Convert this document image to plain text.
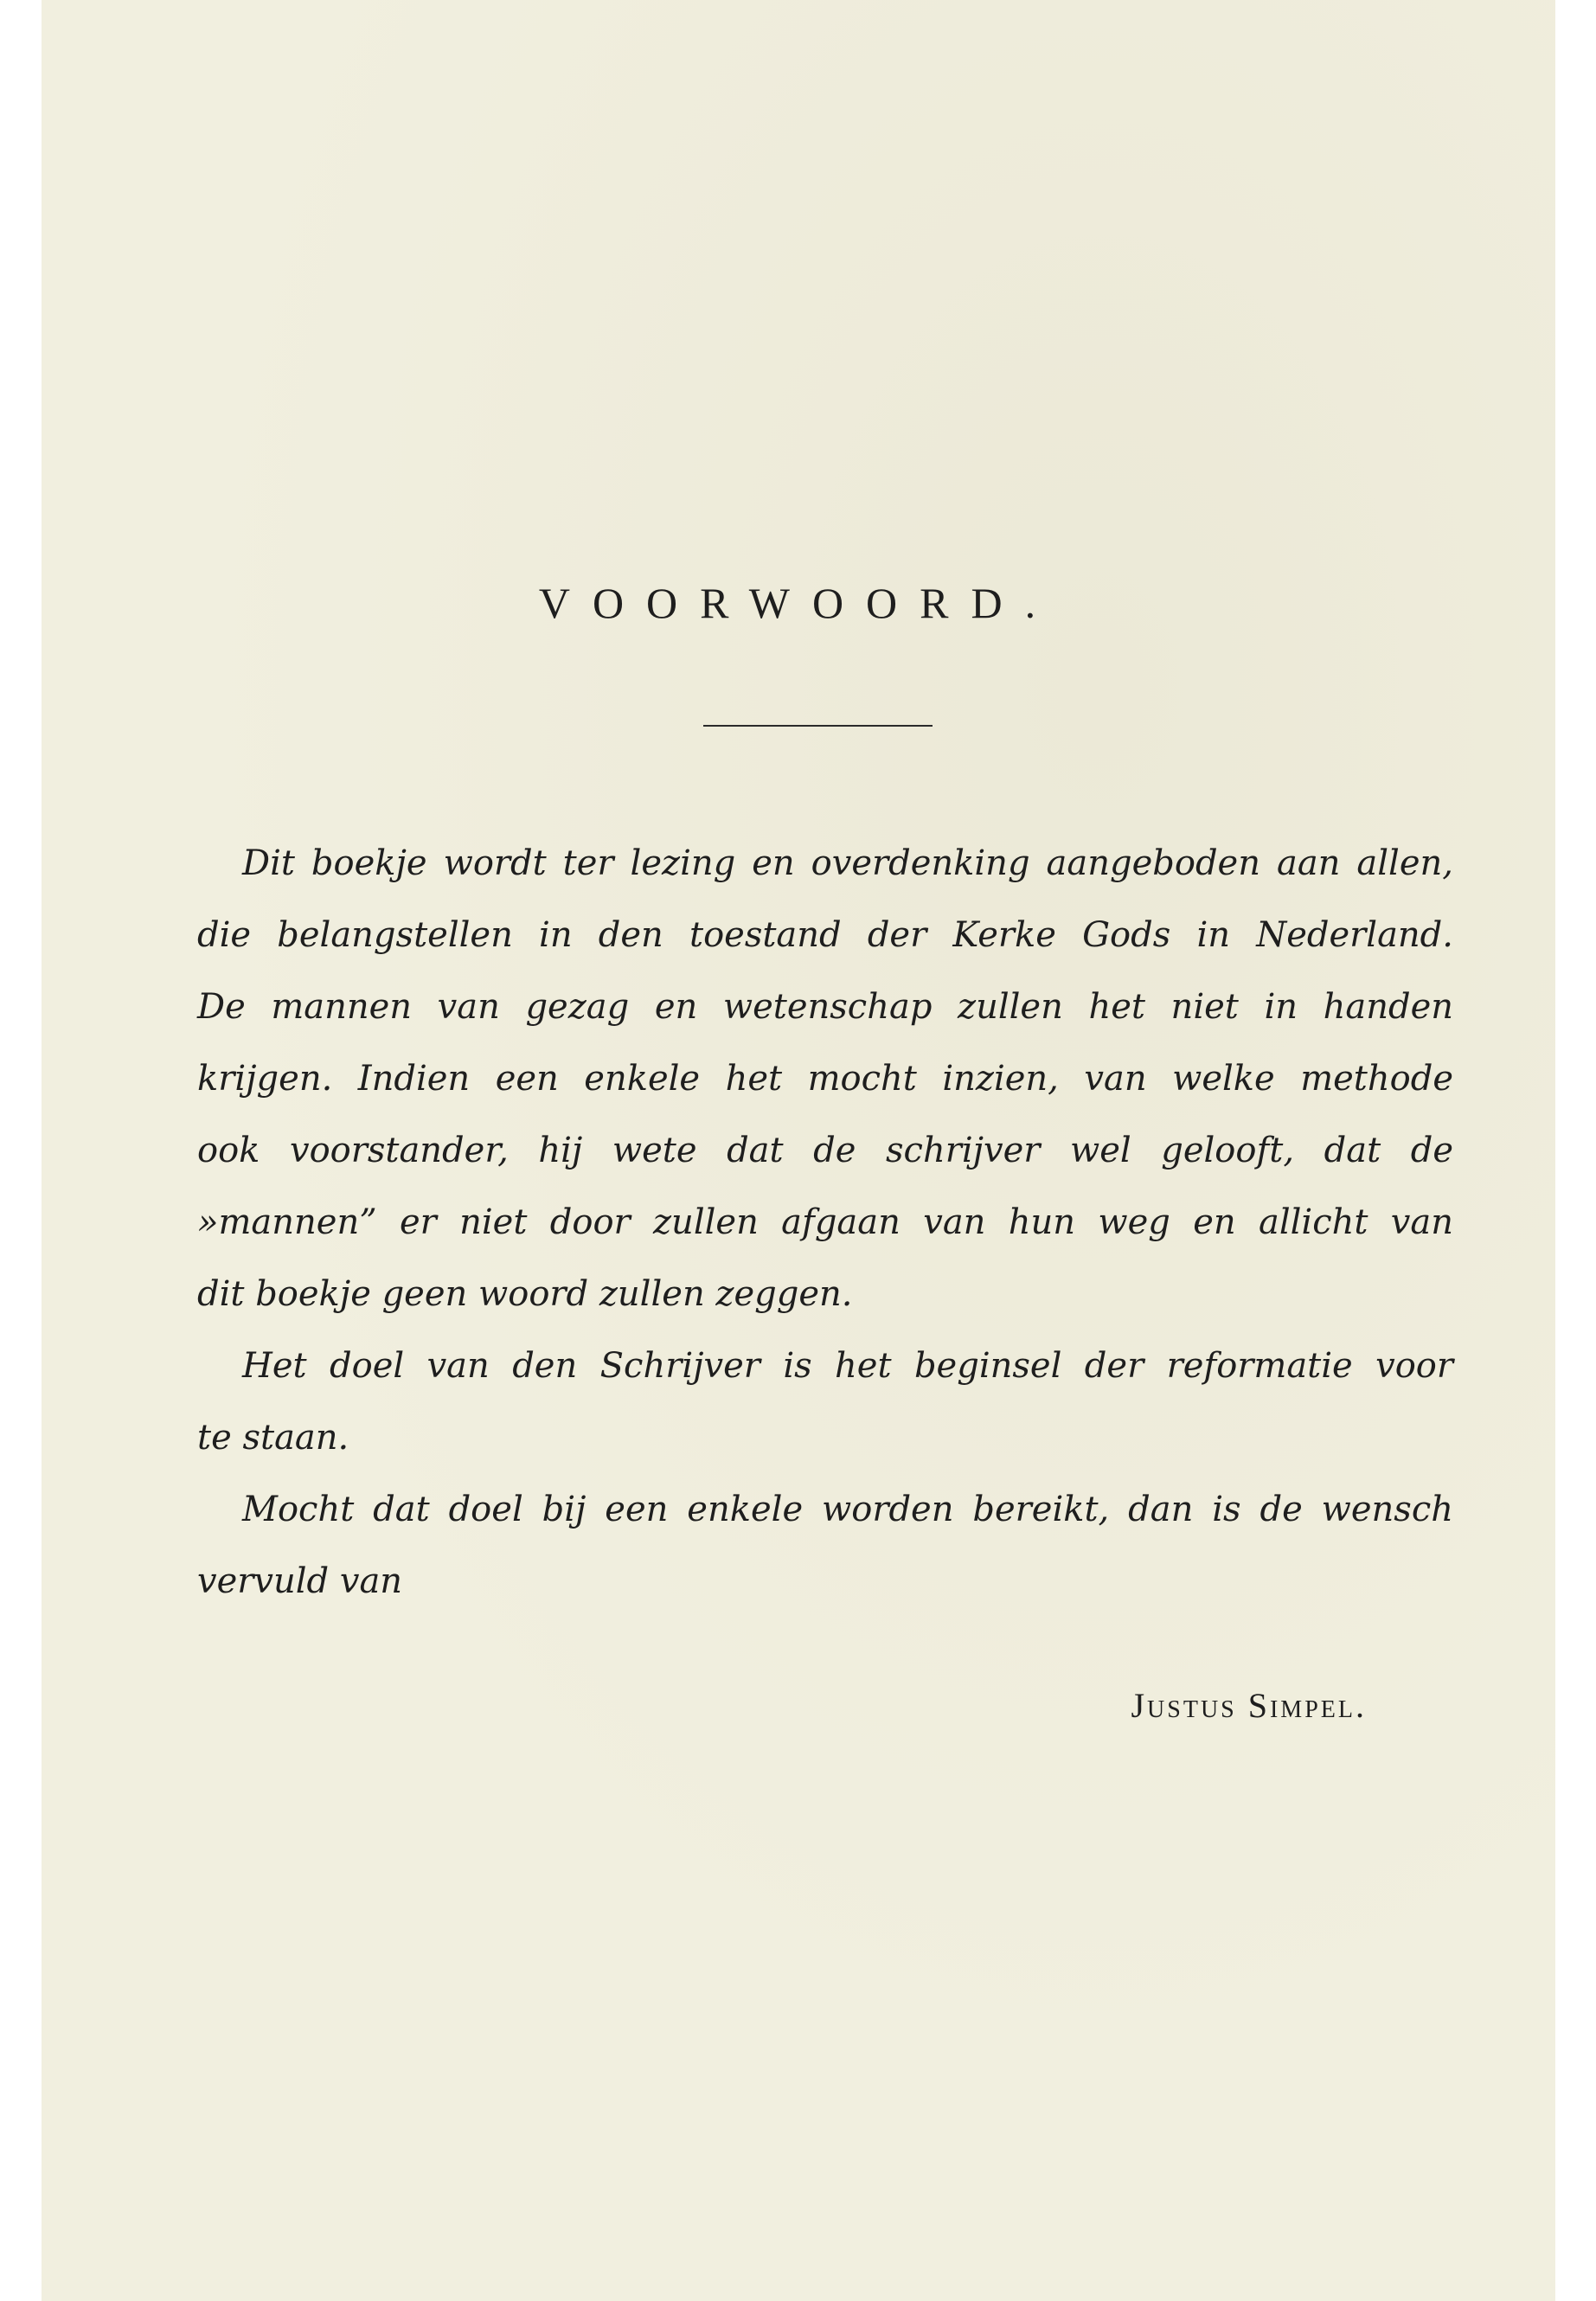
VOORWOORD.

Dit boekje wordt ter lezing en overdenking aangeboden aan allen,

die belangstellen in den toestand der Kerke Gods in Nederland.

De mannen van gezag en wetenschap zullen het niet in handen

krijgen. Indien een enkele het mocht inzien, van welke methode

ook voorstander, hij wete dat de schrijver wel gelooft, dat de

»mannen” er niet door zullen afgaan van hun weg en allicht van

dit boekje geen woord zullen zeggen.

Het doel van den Schrijver is het beginsel der reformatie voor

te staan.

Mocht dat doel bij een enkele worden bereikt, dan is de wensch

vervuld van

Justus Simpel.
